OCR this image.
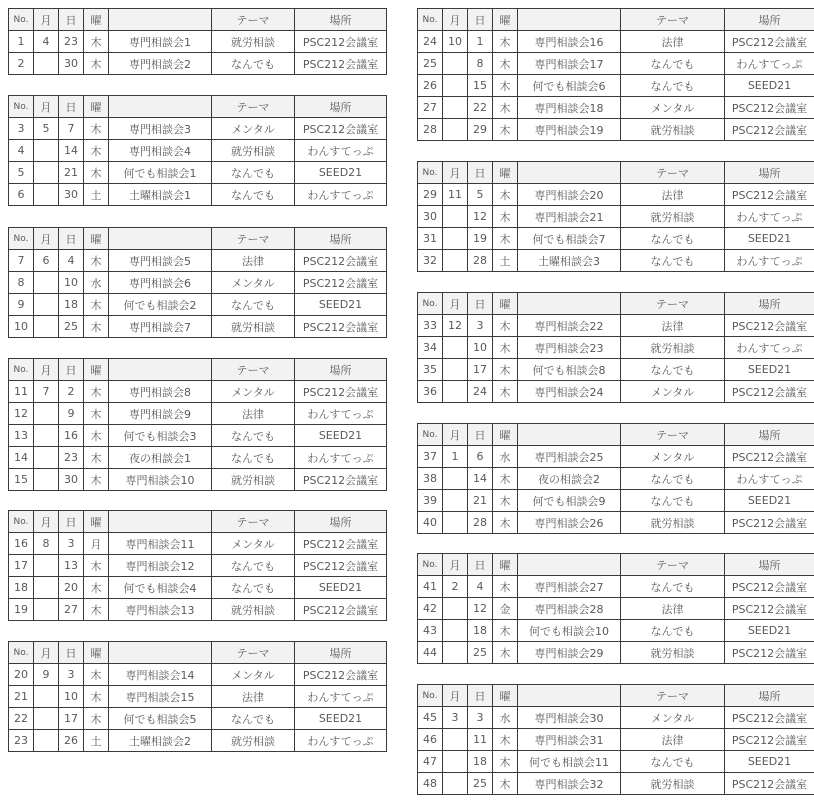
No.	月	日	曜		テーマ	場所
1	4	23	木	専門相談会1	就労相談	PSC212会議室
2		30	木	専門相談会2	なんでも	PSC212会議室
No.	月	日	曜		テーマ	場所
3	5	7	木	専門相談会3	メンタル	PSC212会議室
4		14	木	専門相談会4	就労相談	わんすてっぷ
5		21	木	何でも相談会1	なんでも	SEED21
6		30	土	土曜相談会1	なんでも	わんすてっぷ
No.	月	日	曜		テーマ	場所
7	6	4	木	専門相談会5	法律	PSC212会議室
8		10	水	専門相談会6	メンタル	PSC212会議室
9		18	木	何でも相談会2	なんでも	SEED21
10		25	木	専門相談会7	就労相談	PSC212会議室
No.	月	日	曜		テーマ	場所
11	7	2	木	専門相談会8	メンタル	PSC212会議室
12		9	木	専門相談会9	法律	わんすてっぷ
13		16	木	何でも相談会3	なんでも	SEED21
14		23	木	夜の相談会1	なんでも	わんすてっぷ
15		30	木	専門相談会10	就労相談	PSC212会議室
No.	月	日	曜		テーマ	場所
16	8	3	月	専門相談会11	メンタル	PSC212会議室
17		13	木	専門相談会12	なんでも	PSC212会議室
18		20	木	何でも相談会4	なんでも	SEED21
19		27	木	専門相談会13	就労相談	PSC212会議室
No.	月	日	曜		テーマ	場所
20	9	3	木	専門相談会14	メンタル	PSC212会議室
21		10	木	専門相談会15	法律	わんすてっぷ
22		17	木	何でも相談会5	なんでも	SEED21
23		26	土	土曜相談会2	就労相談	わんすてっぷ
No.	月	日	曜		テーマ	場所
24	10	1	木	専門相談会16	法律	PSC212会議室
25		8	木	専門相談会17	なんでも	わんすてっぷ
26		15	木	何でも相談会6	なんでも	SEED21
27		22	木	専門相談会18	メンタル	PSC212会議室
28		29	木	専門相談会19	就労相談	PSC212会議室
No.	月	日	曜		テーマ	場所
29	11	5	木	専門相談会20	法律	PSC212会議室
30		12	木	専門相談会21	就労相談	わんすてっぷ
31		19	木	何でも相談会7	なんでも	SEED21
32		28	土	土曜相談会3	なんでも	わんすてっぷ
No.	月	日	曜		テーマ	場所
33	12	3	木	専門相談会22	法律	PSC212会議室
34		10	木	専門相談会23	就労相談	わんすてっぷ
35		17	木	何でも相談会8	なんでも	SEED21
36		24	木	専門相談会24	メンタル	PSC212会議室
No.	月	日	曜		テーマ	場所
37	1	6	水	専門相談会25	メンタル	PSC212会議室
38		14	木	夜の相談会2	なんでも	わんすてっぷ
39		21	木	何でも相談会9	なんでも	SEED21
40		28	木	専門相談会26	就労相談	PSC212会議室
No.	月	日	曜		テーマ	場所
41	2	4	木	専門相談会27	なんでも	PSC212会議室
42		12	金	専門相談会28	法律	PSC212会議室
43		18	木	何でも相談会10	なんでも	SEED21
44		25	木	専門相談会29	就労相談	PSC212会議室
No.	月	日	曜		テーマ	場所
45	3	3	水	専門相談会30	メンタル	PSC212会議室
46		11	木	専門相談会31	法律	PSC212会議室
47		18	木	何でも相談会11	なんでも	SEED21
48		25	木	専門相談会32	就労相談	PSC212会議室
